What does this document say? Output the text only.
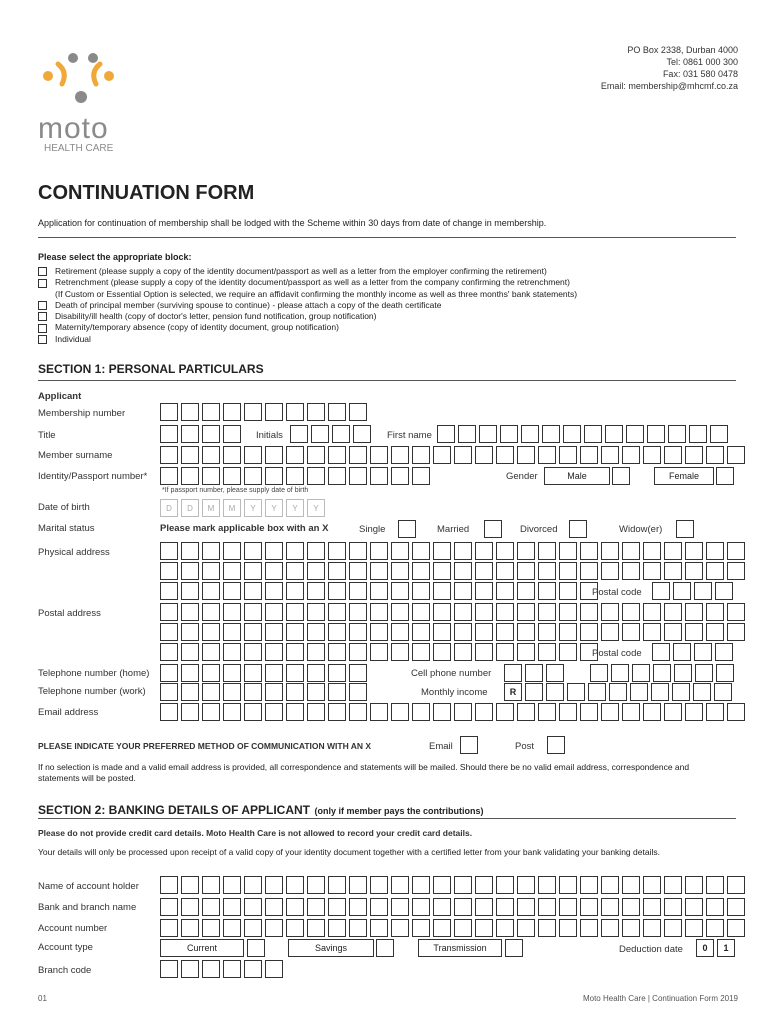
moto
HEALTH CARE
PO Box 2338, Durban 4000
Tel: 0861 000 300
Fax: 031 580 0478
Email: membership@mhcmf.co.za
CONTINUATION FORM
Application for continuation of membership shall be lodged with the Scheme within 30 days from date of change in membership.
Please select the appropriate block:
Retirement (please supply a copy of the identity document/passport as well as a letter from the employer confirming the retirement)
Retrenchment (please supply a copy of the identity document/passport as well as a letter from the company confirming the retrenchment)
(If Custom or Essential Option is selected, we require an affidavit confirming the monthly income as well as three months' bank statements)
Death of principal member (surviving spouse to continue) - please attach a copy of the death certificate
Disability/ill health (copy of doctor's letter, pension fund notification, group notification)
Maternity/temporary absence (copy of identity document, group notification)
Individual
SECTION 1: PERSONAL PARTICULARS
Applicant
Membership number
Title	Initials	First name
Member surname
Identity/Passport number*	Gender	Male	Female
*If passport number, please supply date of birth
Date of birth	D	D	M	M	Y	Y	Y	Y
Marital status	Please mark applicable box with an X	Single	Married	Divorced	Widow(er)
Physical address
Postal code
Postal address
Postal code
Telephone number (home)	Cell phone number
Telephone number (work)	Monthly income R
Email address
PLEASE INDICATE YOUR PREFERRED METHOD OF COMMUNICATION WITH AN X	Email	Post
If no selection is made and a valid email address is provided, all correspondence and statements will be mailed. Should there be no valid email address, correspondence and statements will be posted.
SECTION 2: BANKING DETAILS OF APPLICANT (only if member pays the contributions)
Please do not provide credit card details. Moto Health Care is not allowed to record your credit card details.
Your details will only be processed upon receipt of a valid copy of your identity document together with a certified letter from your bank validating your banking details.
Name of account holder
Bank and branch name
Account number
Account type	Current	Savings	Transmission	Deduction date 0 1
Branch code
01	Moto Health Care | Continuation Form 2019
